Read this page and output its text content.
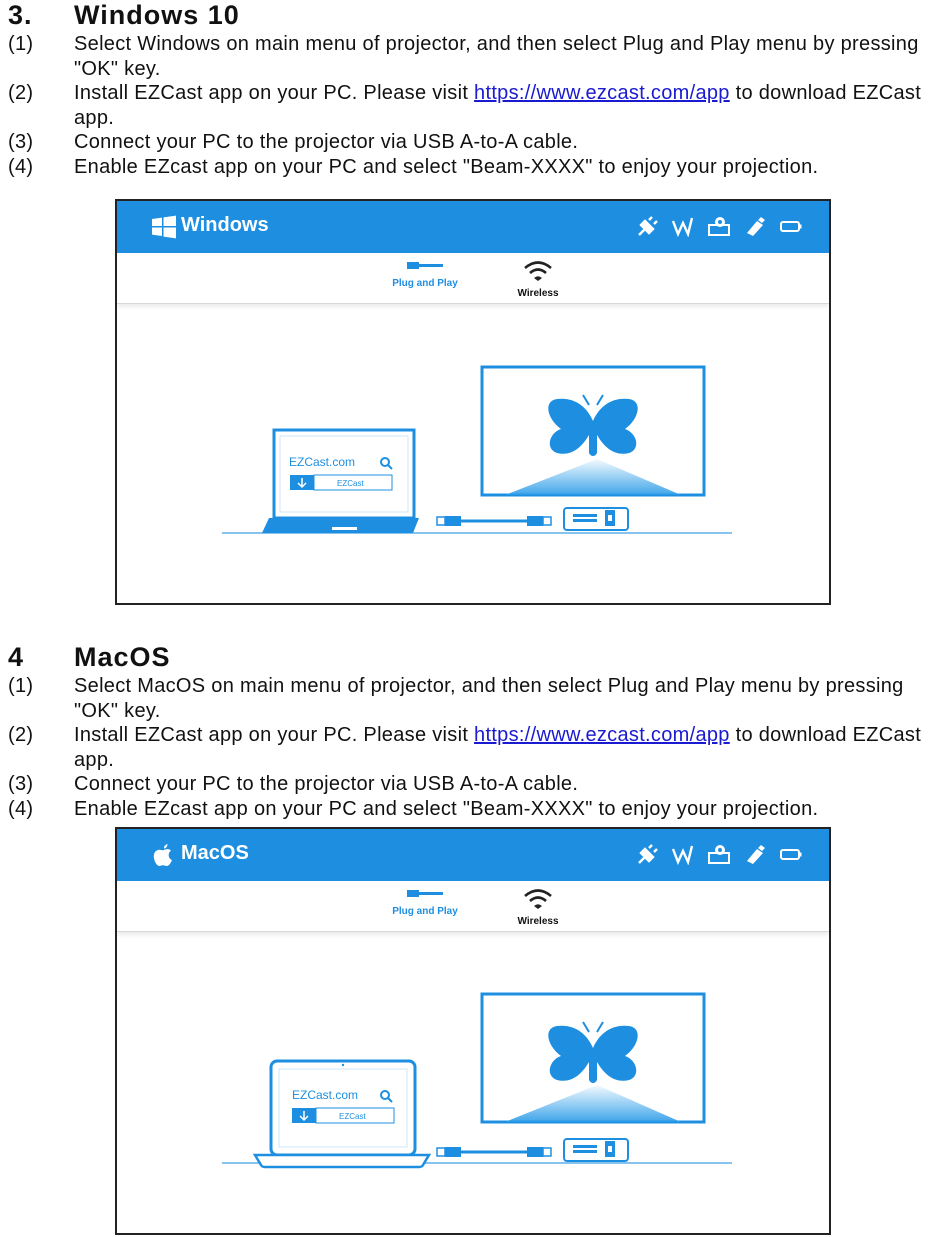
3. Windows 10
(1)	Select Windows on main menu of projector, and then select Plug and Play menu by pressing "OK" key.
(2)	Install EZCast app on your PC. Please visit https://www.ezcast.com/app to download EZCast app.
(3)	Connect your PC to the projector via USB A-to-A cable.
(4)	Enable EZcast app on your PC and select "Beam-XXXX" to enjoy your projection.
Windows
Plug and Play
Wireless
EZCast.com
EZCast
4 MacOS
(1)	Select MacOS on main menu of projector, and then select Plug and Play menu by pressing "OK" key.
(2)	Install EZCast app on your PC. Please visit https://www.ezcast.com/app to download EZCast app.
(3)	Connect your PC to the projector via USB A-to-A cable.
(4)	Enable EZcast app on your PC and select "Beam-XXXX" to enjoy your projection.
MacOS
Plug and Play
Wireless
EZCast.com
EZCast
